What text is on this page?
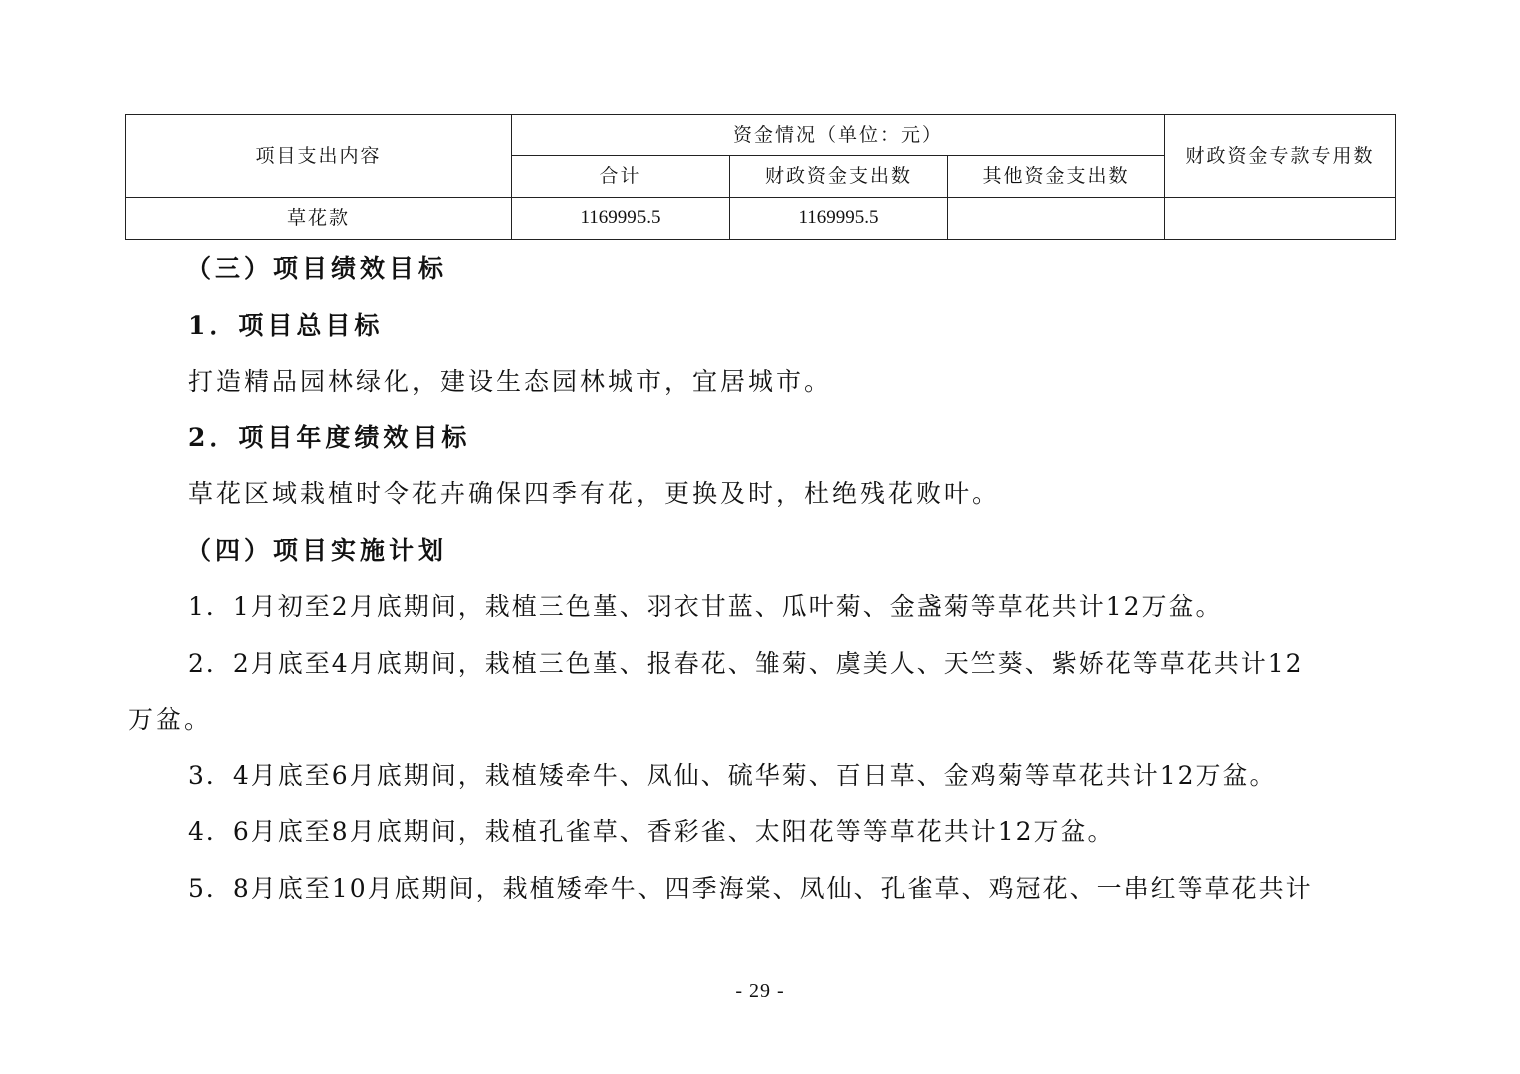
项目支出内容	资金情况（单位：元）			财政资金专款专用数
	合计	财政资金支出数	其他资金支出数	
草花款	1169995.5	1169995.5		

（三）项目绩效目标

1．项目总目标

打造精品园林绿化，建设生态园林城市，宜居城市。

2．项目年度绩效目标

草花区域栽植时令花卉确保四季有花，更换及时，杜绝残花败叶。

（四）项目实施计划

1．1月初至2月底期间，栽植三色堇、羽衣甘蓝、瓜叶菊、金盏菊等草花共计12万盆。

2．2月底至4月底期间，栽植三色堇、报春花、雏菊、虞美人、天竺葵、紫娇花等草花共计12

万盆。

3．4月底至6月底期间，栽植矮牵牛、凤仙、硫华菊、百日草、金鸡菊等草花共计12万盆。

4．6月底至8月底期间，栽植孔雀草、香彩雀、太阳花等等草花共计12万盆。

5．8月底至10月底期间，栽植矮牵牛、四季海棠、凤仙、孔雀草、鸡冠花、一串红等草花共计

- 29 -
